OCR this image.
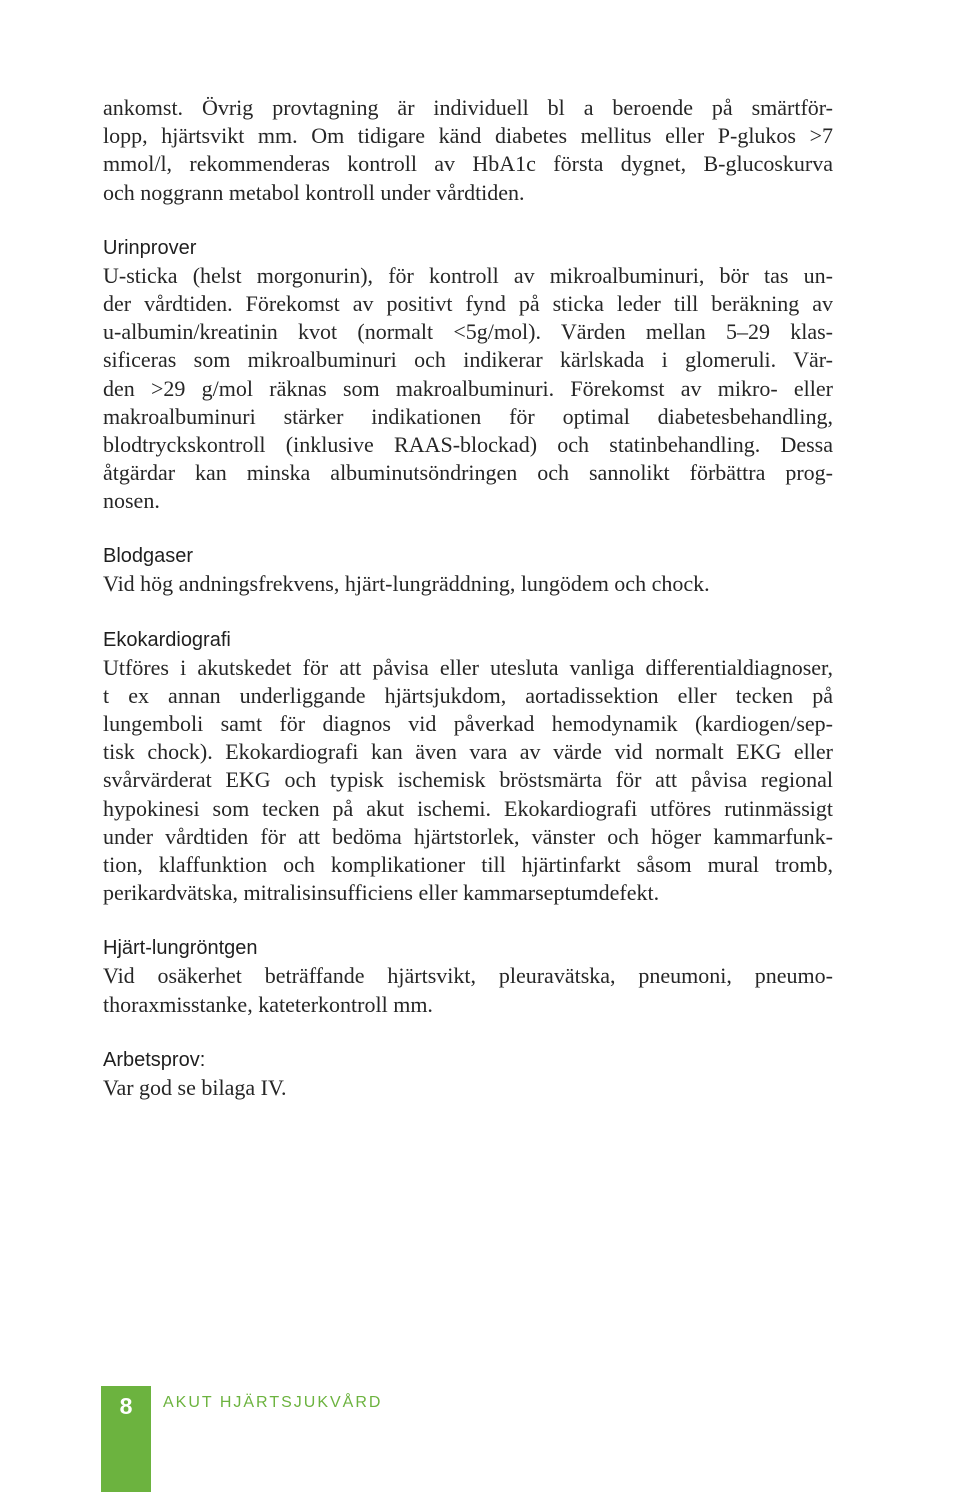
ankomst. Övrig provtagning är individuell bl a beroende på smärtför-
lopp, hjärtsvikt mm. Om tidigare känd diabetes mellitus eller P-glukos >7
mmol/l, rekommenderas kontroll av HbA1c första dygnet, B-glucoskurva
och noggrann metabol kontroll under vårdtiden.
Urinprover
U-sticka (helst morgonurin), för kontroll av mikroalbuminuri, bör tas un-
der vårdtiden. Förekomst av positivt fynd på sticka leder till beräkning av
u-albumin/kreatinin kvot (normalt <5g/mol). Värden mellan 5–29 klas-
sificeras som mikroalbuminuri och indikerar kärlskada i glomeruli. Vär-
den >29 g/mol räknas som makroalbuminuri. Förekomst av mikro- eller
makroalbuminuri stärker indikationen för optimal diabetesbehandling,
blodtryckskontroll (inklusive RAAS-blockad) och statinbehandling. Dessa
åtgärdar kan minska albuminutsöndringen och sannolikt förbättra prog-
nosen.
Blodgaser
Vid hög andningsfrekvens, hjärt-lungräddning, lungödem och chock.
Ekokardiografi
Utföres i akutskedet för att påvisa eller utesluta vanliga differentialdiagnoser,
t ex annan underliggande hjärtsjukdom, aortadissektion eller tecken på
lungemboli samt för diagnos vid påverkad hemodynamik (kardiogen/sep-
tisk chock). Ekokardiografi kan även vara av värde vid normalt EKG eller
svårvärderat EKG och typisk ischemisk bröstsmärta för att påvisa regional
hypokinesi som tecken på akut ischemi. Ekokardiografi utföres rutinmässigt
under vårdtiden för att bedöma hjärtstorlek, vänster och höger kammarfunk-
tion, klaffunktion och komplikationer till hjärtinfarkt såsom mural tromb,
perikardvätska, mitralisinsufficiens eller kammarseptumdefekt.
Hjärt-lungröntgen
Vid osäkerhet beträffande hjärtsvikt, pleuravätska, pneumoni, pneumo-
thoraxmisstanke, kateterkontroll mm.
Arbetsprov:
Var god se bilaga IV.
8	AKUT HJÄRTSJUKVÅRD
